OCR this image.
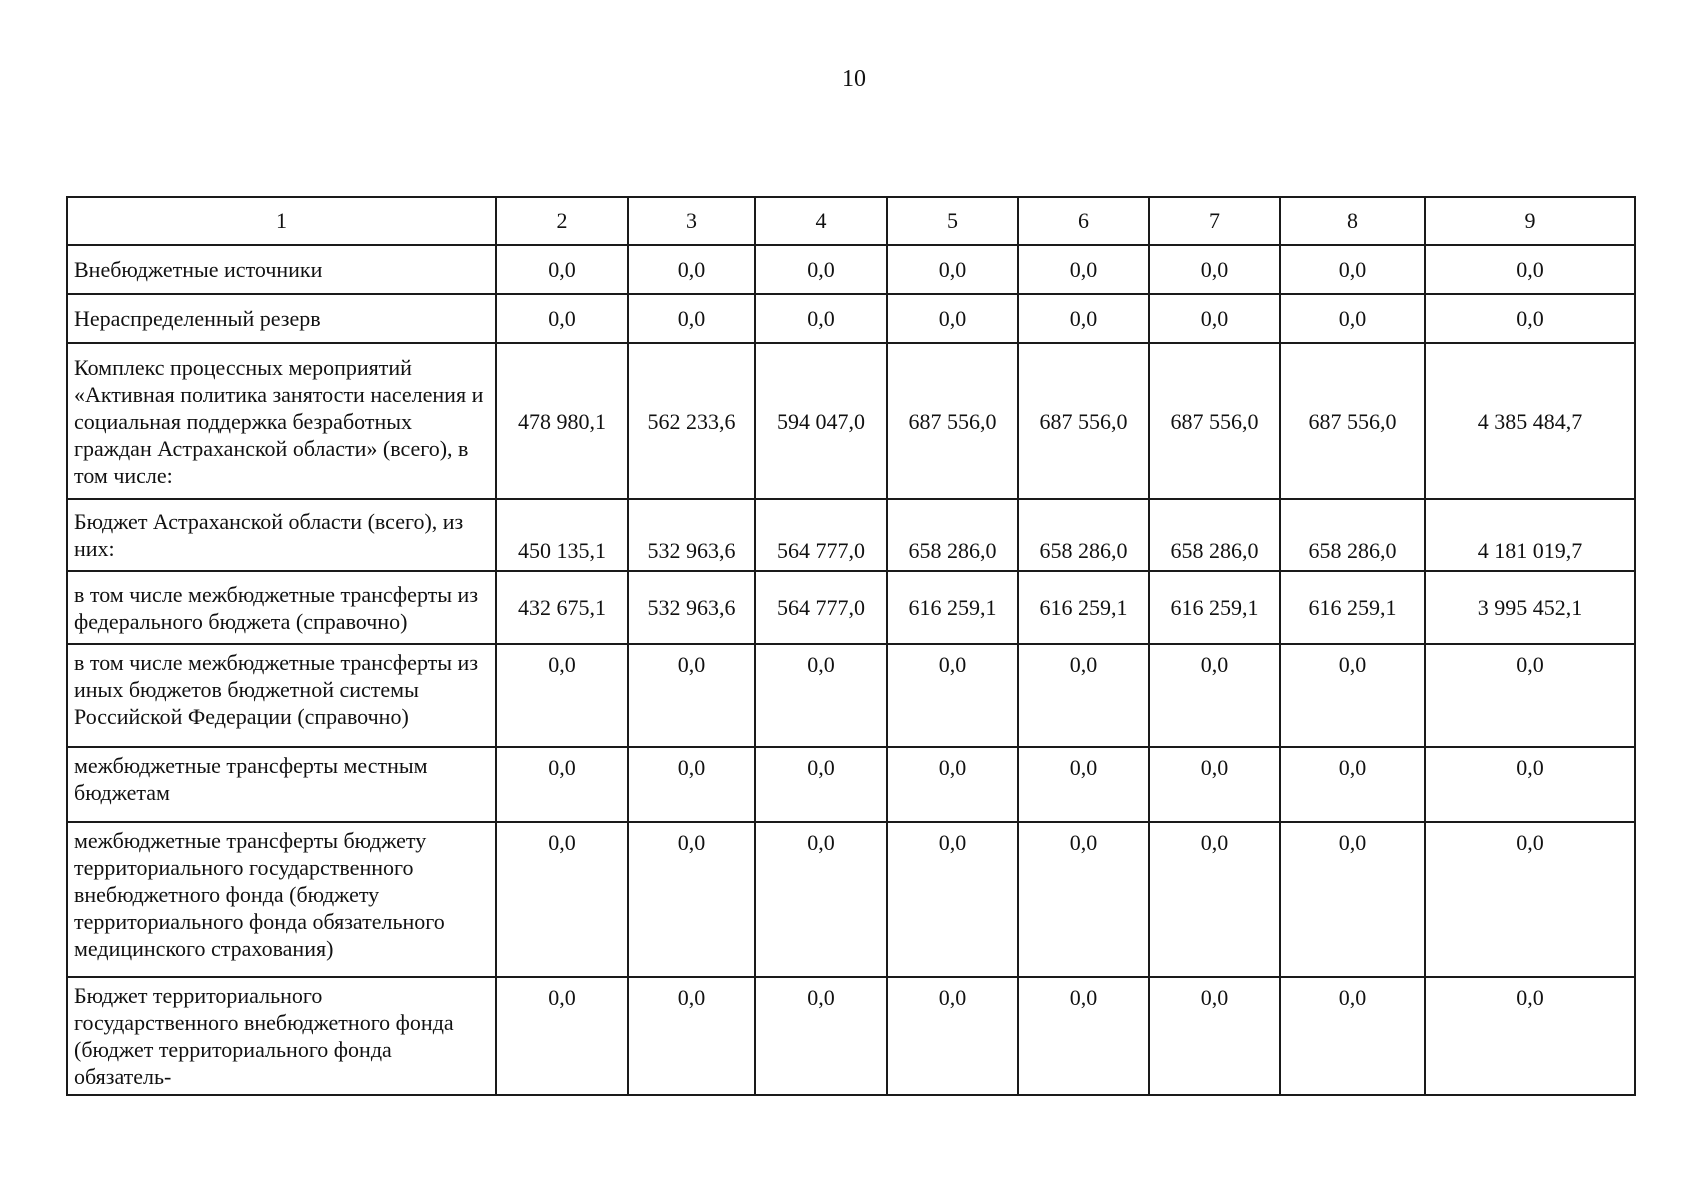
10
1	2	3	4	5	6	7	8	9
Внебюджетные источники	0,0	0,0	0,0	0,0	0,0	0,0	0,0	0,0
Нераспределенный резерв	0,0	0,0	0,0	0,0	0,0	0,0	0,0	0,0
Комплекс процессных мероприятий «Активная политика занятости населения и социальная поддержка безработных граждан Астраханской области» (всего), в том числе:	478 980,1	562 233,6	594 047,0	687 556,0	687 556,0	687 556,0	687 556,0	4 385 484,7
Бюджет Астраханской области (всего), из них:	450 135,1	532 963,6	564 777,0	658 286,0	658 286,0	658 286,0	658 286,0	4 181 019,7
в том числе межбюджетные трансферты из федерального бюджета (справочно)	432 675,1	532 963,6	564 777,0	616 259,1	616 259,1	616 259,1	616 259,1	3 995 452,1
в том числе межбюджетные трансферты из иных бюджетов бюджетной системы Российской Федерации (справочно)	0,0	0,0	0,0	0,0	0,0	0,0	0,0	0,0
межбюджетные трансферты местным бюджетам	0,0	0,0	0,0	0,0	0,0	0,0	0,0	0,0
межбюджетные трансферты бюджету территориального государственного внебюджетного фонда (бюджету территориального фонда обязательного медицинского страхования)	0,0	0,0	0,0	0,0	0,0	0,0	0,0	0,0
Бюджет территориального государственного внебюджетного фонда (бюджет территориального фонда обязатель-	0,0	0,0	0,0	0,0	0,0	0,0	0,0	0,0
